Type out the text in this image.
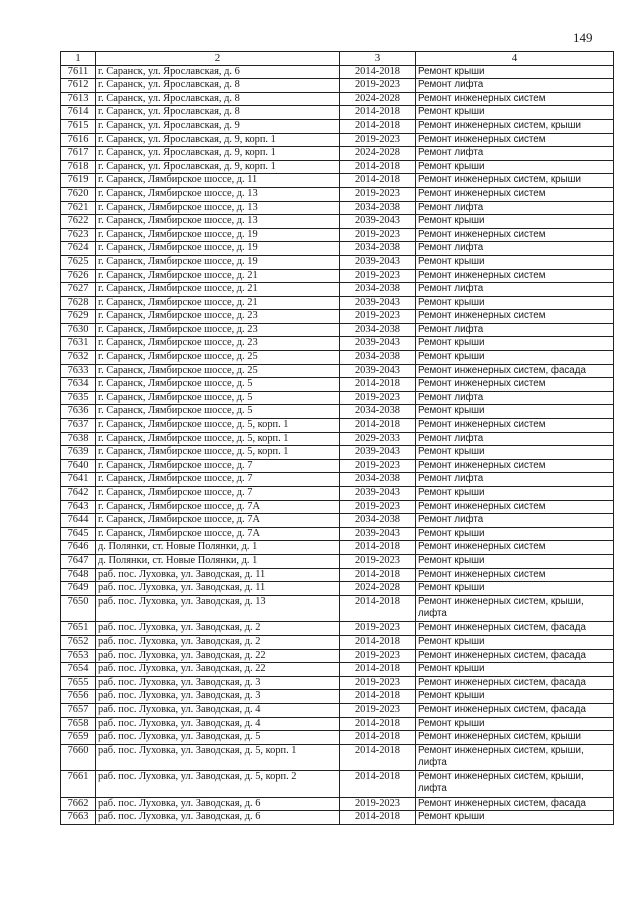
149
1	2	3	4
7611	г. Саранск, ул. Ярославская, д. 6	2014-2018	Ремонт крыши
7612	г. Саранск, ул. Ярославская, д. 8	2019-2023	Ремонт лифта
7613	г. Саранск, ул. Ярославская, д. 8	2024-2028	Ремонт инженерных систем
7614	г. Саранск, ул. Ярославская, д. 8	2014-2018	Ремонт крыши
7615	г. Саранск, ул. Ярославская, д. 9	2014-2018	Ремонт инженерных систем, крыши
7616	г. Саранск, ул. Ярославская, д. 9, корп. 1	2019-2023	Ремонт инженерных систем
7617	г. Саранск, ул. Ярославская, д. 9, корп. 1	2024-2028	Ремонт лифта
7618	г. Саранск, ул. Ярославская, д. 9, корп. 1	2014-2018	Ремонт крыши
7619	г. Саранск, Лямбирское шоссе, д. 11	2014-2018	Ремонт инженерных систем, крыши
7620	г. Саранск, Лямбирское шоссе, д. 13	2019-2023	Ремонт инженерных систем
7621	г. Саранск, Лямбирское шоссе, д. 13	2034-2038	Ремонт лифта
7622	г. Саранск, Лямбирское шоссе, д. 13	2039-2043	Ремонт крыши
7623	г. Саранск, Лямбирское шоссе, д. 19	2019-2023	Ремонт инженерных систем
7624	г. Саранск, Лямбирское шоссе, д. 19	2034-2038	Ремонт лифта
7625	г. Саранск, Лямбирское шоссе, д. 19	2039-2043	Ремонт крыши
7626	г. Саранск, Лямбирское шоссе, д. 21	2019-2023	Ремонт инженерных систем
7627	г. Саранск, Лямбирское шоссе, д. 21	2034-2038	Ремонт лифта
7628	г. Саранск, Лямбирское шоссе, д. 21	2039-2043	Ремонт крыши
7629	г. Саранск, Лямбирское шоссе, д. 23	2019-2023	Ремонт инженерных систем
7630	г. Саранск, Лямбирское шоссе, д. 23	2034-2038	Ремонт лифта
7631	г. Саранск, Лямбирское шоссе, д. 23	2039-2043	Ремонт крыши
7632	г. Саранск, Лямбирское шоссе, д. 25	2034-2038	Ремонт крыши
7633	г. Саранск, Лямбирское шоссе, д. 25	2039-2043	Ремонт инженерных систем, фасада
7634	г. Саранск, Лямбирское шоссе, д. 5	2014-2018	Ремонт инженерных систем
7635	г. Саранск, Лямбирское шоссе, д. 5	2019-2023	Ремонт лифта
7636	г. Саранск, Лямбирское шоссе, д. 5	2034-2038	Ремонт крыши
7637	г. Саранск, Лямбирское шоссе, д. 5, корп. 1	2014-2018	Ремонт инженерных систем
7638	г. Саранск, Лямбирское шоссе, д. 5, корп. 1	2029-2033	Ремонт лифта
7639	г. Саранск, Лямбирское шоссе, д. 5, корп. 1	2039-2043	Ремонт крыши
7640	г. Саранск, Лямбирское шоссе, д. 7	2019-2023	Ремонт инженерных систем
7641	г. Саранск, Лямбирское шоссе, д. 7	2034-2038	Ремонт лифта
7642	г. Саранск, Лямбирское шоссе, д. 7	2039-2043	Ремонт крыши
7643	г. Саранск, Лямбирское шоссе, д. 7А	2019-2023	Ремонт инженерных систем
7644	г. Саранск, Лямбирское шоссе, д. 7А	2034-2038	Ремонт лифта
7645	г. Саранск, Лямбирское шоссе, д. 7А	2039-2043	Ремонт крыши
7646	д. Полянки, ст. Новые Полянки, д. 1	2014-2018	Ремонт инженерных систем
7647	д. Полянки, ст. Новые Полянки, д. 1	2019-2023	Ремонт крыши
7648	раб. пос. Луховка, ул. Заводская, д. 11	2014-2018	Ремонт инженерных систем
7649	раб. пос. Луховка, ул. Заводская, д. 11	2024-2028	Ремонт крыши
7650	раб. пос. Луховка, ул. Заводская, д. 13	2014-2018	Ремонт инженерных систем, крыши, лифта
7651	раб. пос. Луховка, ул. Заводская, д. 2	2019-2023	Ремонт инженерных систем, фасада
7652	раб. пос. Луховка, ул. Заводская, д. 2	2014-2018	Ремонт крыши
7653	раб. пос. Луховка, ул. Заводская, д. 22	2019-2023	Ремонт инженерных систем, фасада
7654	раб. пос. Луховка, ул. Заводская, д. 22	2014-2018	Ремонт крыши
7655	раб. пос. Луховка, ул. Заводская, д. 3	2019-2023	Ремонт инженерных систем, фасада
7656	раб. пос. Луховка, ул. Заводская, д. 3	2014-2018	Ремонт крыши
7657	раб. пос. Луховка, ул. Заводская, д. 4	2019-2023	Ремонт инженерных систем, фасада
7658	раб. пос. Луховка, ул. Заводская, д. 4	2014-2018	Ремонт крыши
7659	раб. пос. Луховка, ул. Заводская, д. 5	2014-2018	Ремонт инженерных систем, крыши
7660	раб. пос. Луховка, ул. Заводская, д. 5, корп. 1	2014-2018	Ремонт инженерных систем, крыши, лифта
7661	раб. пос. Луховка, ул. Заводская, д. 5, корп. 2	2014-2018	Ремонт инженерных систем, крыши, лифта
7662	раб. пос. Луховка, ул. Заводская, д. 6	2019-2023	Ремонт инженерных систем, фасада
7663	раб. пос. Луховка, ул. Заводская, д. 6	2014-2018	Ремонт крыши
